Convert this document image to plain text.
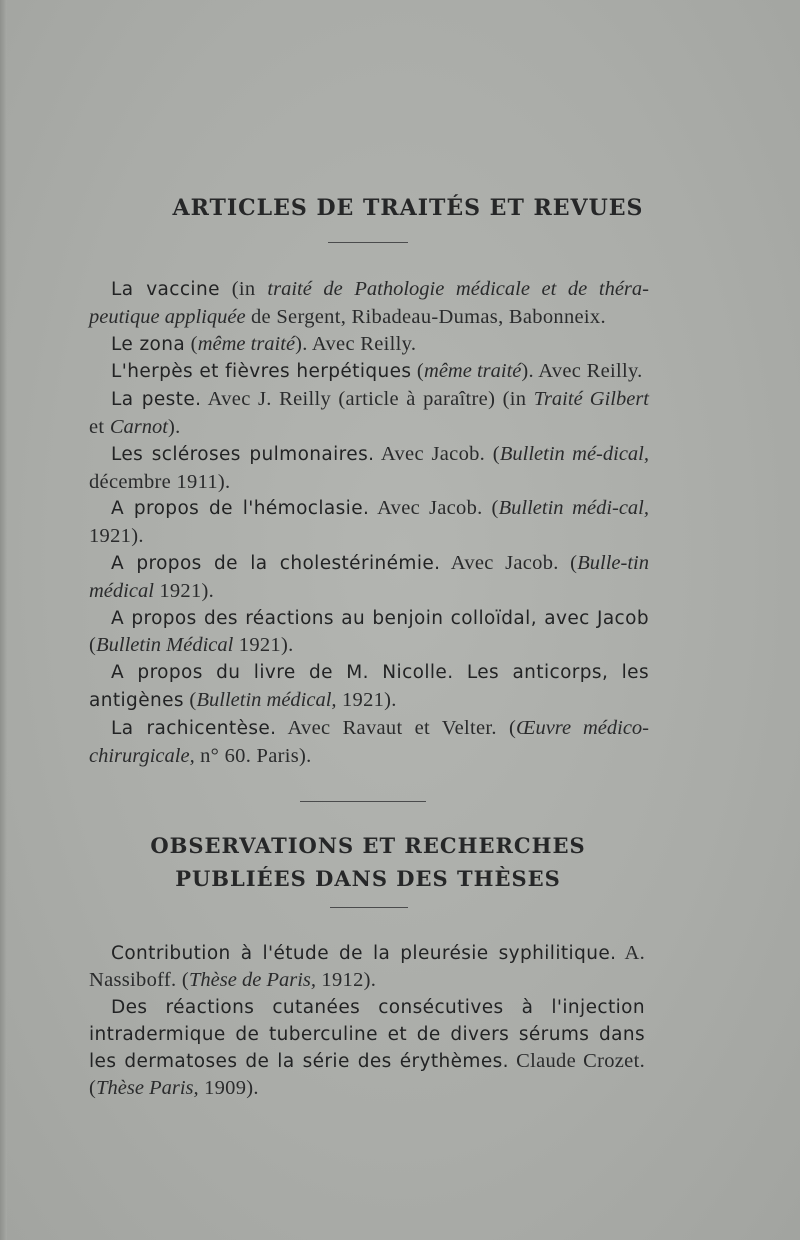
ARTICLES DE TRAITÉS ET REVUES

La vaccine (in traité de Pathologie médicale et de théra-peutique appliquée de Sergent, Ribadeau-Dumas, Babonneix.

Le zona (même traité). Avec Reilly.

L'herpès et fièvres herpétiques (même traité). Avec Reilly.

La peste. Avec J. Reilly (article à paraître) (in Traité Gilbert et Carnot).

Les scléroses pulmonaires. Avec Jacob. (Bulletin mé-dical, décembre 1911).

A propos de l'hémoclasie. Avec Jacob. (Bulletin médi-cal, 1921).

A propos de la cholestérinémie. Avec Jacob. (Bulle-tin médical 1921).

A propos des réactions au benjoin colloïdal, avec Jacob (Bulletin Médical 1921).

A propos du livre de M. Nicolle. Les anticorps, les antigènes (Bulletin médical, 1921).

La rachicentèse. Avec Ravaut et Velter. (Œuvre médico-chirurgicale, n° 60. Paris).

OBSERVATIONS ET RECHERCHES
PUBLIÉES DANS DES THÈSES

Contribution à l'étude de la pleurésie syphilitique. A. Nassiboff. (Thèse de Paris, 1912).

Des réactions cutanées consécutives à l'injection intradermique de tuberculine et de divers sérums dans les dermatoses de la série des érythèmes. Claude Crozet. (Thèse Paris, 1909).
